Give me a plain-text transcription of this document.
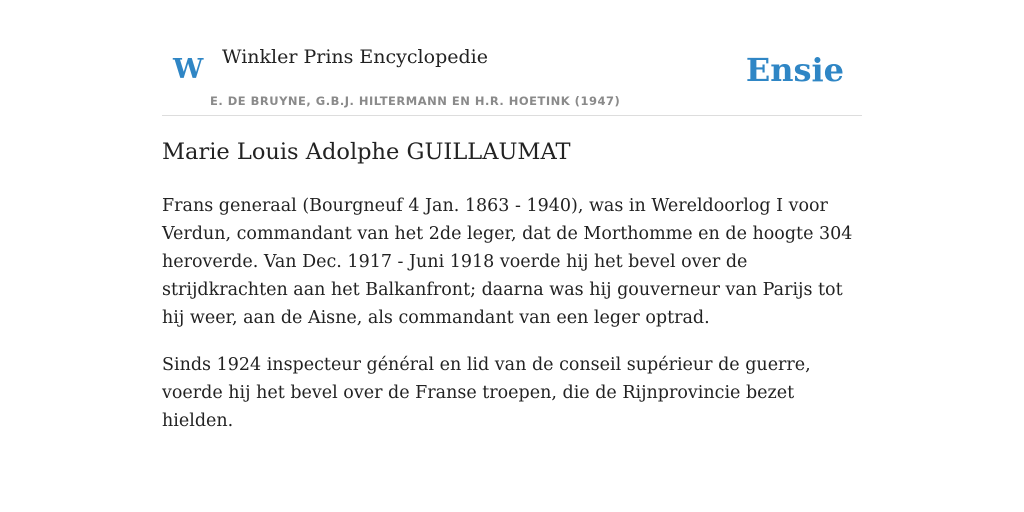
W Winkler Prins Encyclopedie
E. DE BRUYNE, G.B.J. HILTERMANN EN H.R. HOETINK (1947)
Ensie
Marie Louis Adolphe GUILLAUMAT

Frans generaal (Bourgneuf 4 Jan. 1863 - 1940), was in Wereldoorlog I voor Verdun, commandant van het 2de leger, dat de Morthomme en de hoogte 304 heroverde. Van Dec. 1917 - Juni 1918 voerde hij het bevel over de strijdkrachten aan het Balkanfront; daarna was hij gouverneur van Parijs tot hij weer, aan de Aisne, als commandant van een leger optrad.

Sinds 1924 inspecteur général en lid van de conseil supérieur de guerre, voerde hij het bevel over de Franse troepen, die de Rijnprovincie bezet hielden.
